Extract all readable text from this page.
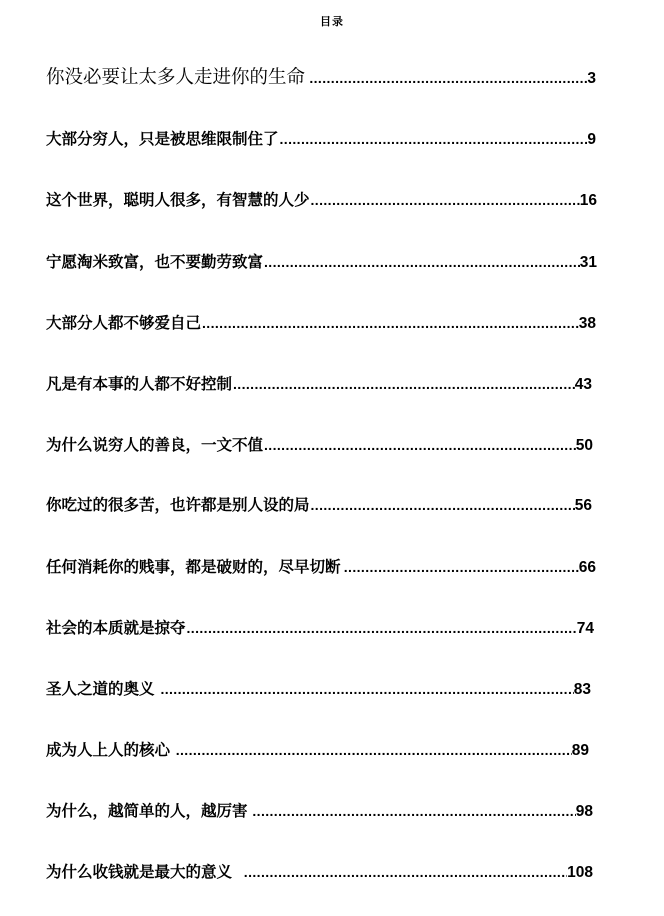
目录
你没必要让太多人走进你的生命 .....	3
大部分穷人，只是被思维限制住了 .....	9
这个世界，聪明人很多，有智慧的人少 .....	16
宁愿淘米致富，也不要勤劳致富 .....	31
大部分人都不够爱自己 .....	38
凡是有本事的人都不好控制 .....	43
为什么说穷人的善良，一文不值 .....	50
你吃过的很多苦，也许都是别人设的局 .....	56
任何消耗你的贱事，都是破财的，尽早切断 .....	66
社会的本质就是掠夺 .....	74
圣人之道的奥义 .....	83
成为人上人的核心 .....	89
为什么，越简单的人，越厉害 .....	98
为什么收钱就是最大的意义 .....	108
